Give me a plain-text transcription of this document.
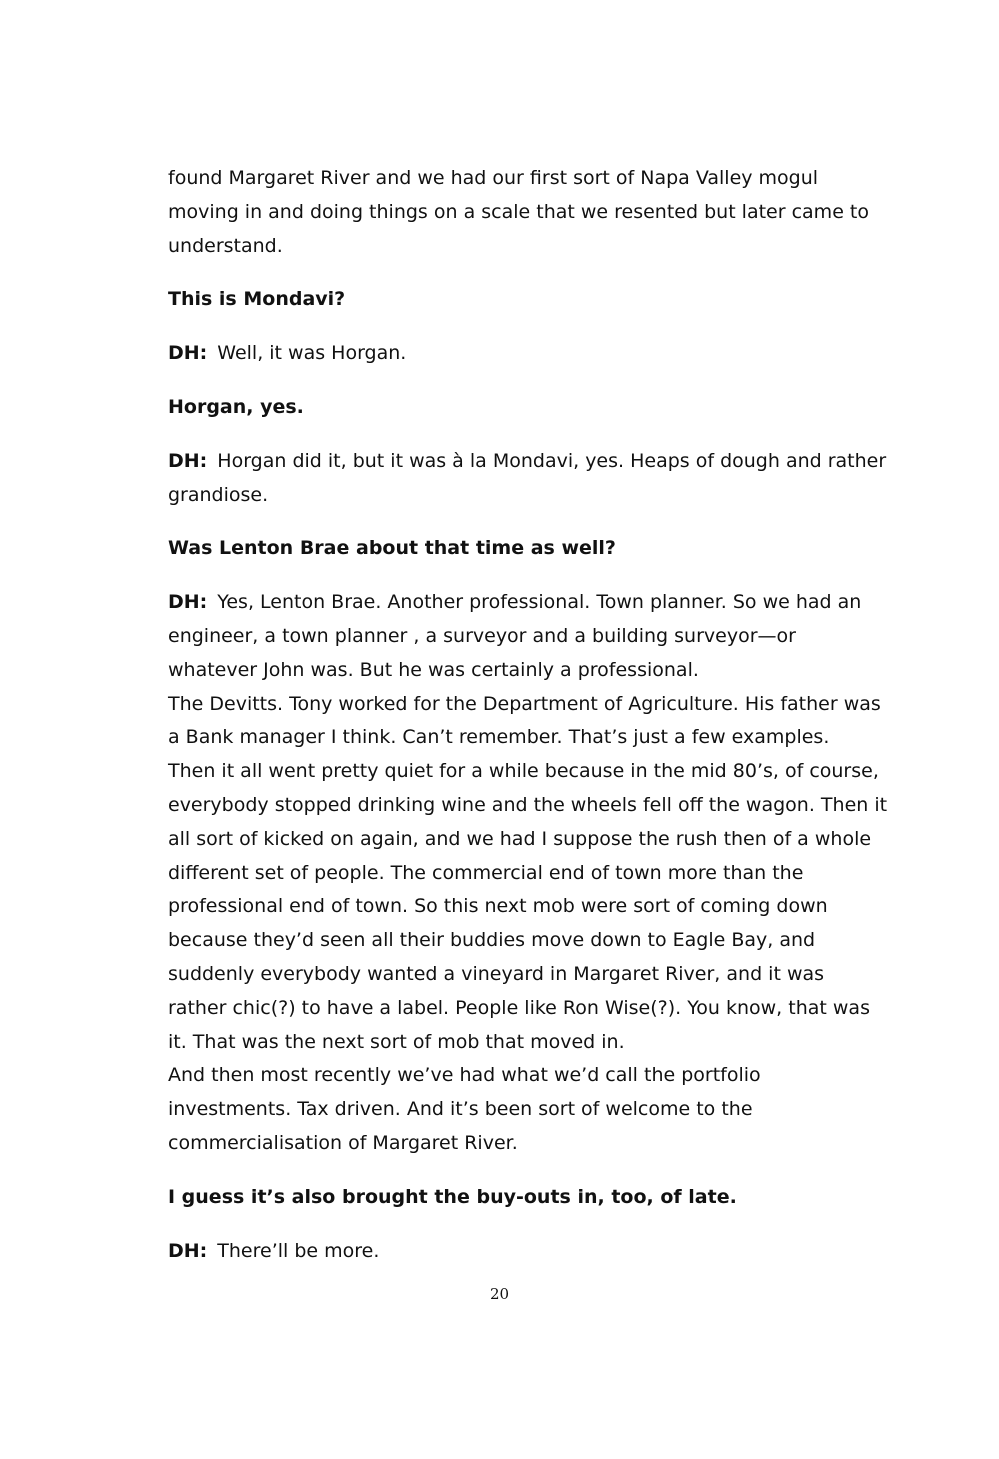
found Margaret River and we had our first sort of Napa Valley mogul moving in and doing things on a scale that we resented but later came to understand.

This is Mondavi?

DH: Well, it was Horgan.

Horgan, yes.

DH: Horgan did it, but it was à la Mondavi, yes. Heaps of dough and rather grandiose.

Was Lenton Brae about that time as well?

DH: Yes, Lenton Brae. Another professional. Town planner. So we had an engineer, a town planner , a surveyor and a building surveyor—or whatever John was. But he was certainly a professional.

The Devitts. Tony worked for the Department of Agriculture. His father was a Bank manager I think. Can’t remember. That’s just a few examples.

Then it all went pretty quiet for a while because in the mid 80’s, of course, everybody stopped drinking wine and the wheels fell off the wagon. Then it all sort of kicked on again, and we had I suppose the rush then of a whole different set of people. The commercial end of town more than the professional end of town. So this next mob were sort of coming down because they’d seen all their buddies move down to Eagle Bay, and suddenly everybody wanted a vineyard in Margaret River, and it was rather chic(?) to have a label. People like Ron Wise(?). You know, that was it. That was the next sort of mob that moved in.

And then most recently we’ve had what we’d call the portfolio investments. Tax driven. And it’s been sort of welcome to the commercialisation of Margaret River.

I guess it’s also brought the buy-outs in, too, of late.

DH: There’ll be more.

20
